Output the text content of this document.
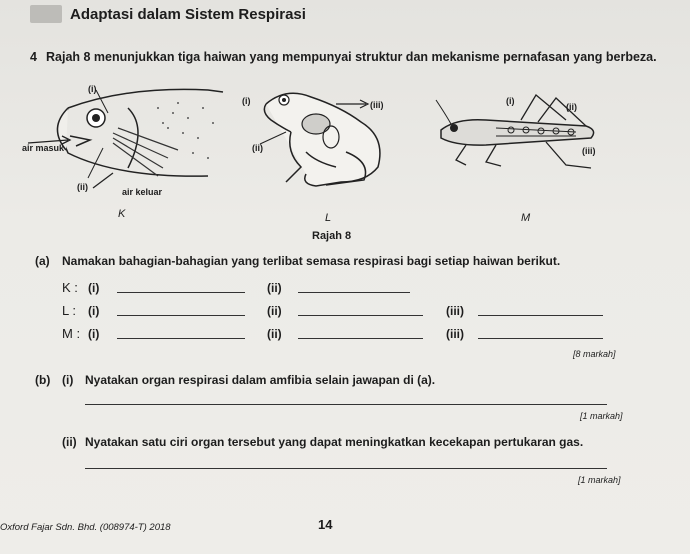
Adaptasi dalam Sistem Respirasi
4 Rajah 8 menunjukkan tiga haiwan yang mempunyai struktur dan mekanisme pernafasan yang berbeza.
(i)
air masuk
(ii)	air keluar
K
(i)	(iii)
(ii)
L
(i)
(ii)
(iii)
M
Rajah 8
(a) Namakan bahagian-bahagian yang terlibat semasa respirasi bagi setiap haiwan berikut.
K : (i)	(ii)
L : (i)	(ii)	(iii)
M : (i)	(ii)	(iii)
[8 markah]
(b) (i) Nyatakan organ respirasi dalam amfibia selain jawapan di (a).
[1 markah]
(ii) Nyatakan satu ciri organ tersebut yang dapat meningkatkan kecekapan pertukaran gas.
[1 markah]
Oxford Fajar Sdn. Bhd. (008974-T) 2018	14
